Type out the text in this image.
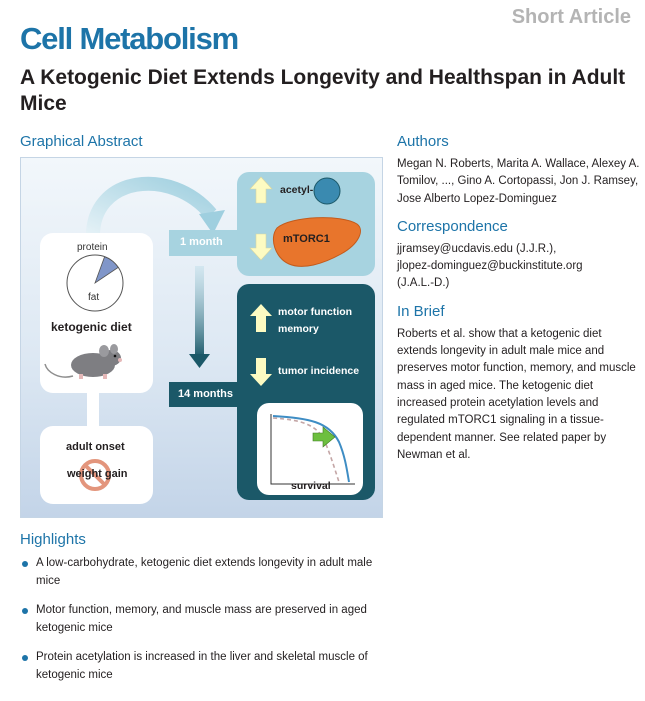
Short Article
Cell Metabolism
A Ketogenic Diet Extends Longevity and Healthspan in Adult Mice
Graphical Abstract
protein
fat
ketogenic diet
adult onset
weight gain
1 month
14 months
acetyl-
mTORC1
motor function
memory
tumor incidence
survival
Authors
Megan N. Roberts, Marita A. Wallace, Alexey A. Tomilov, ..., Gino A. Cortopassi, Jon J. Ramsey, Jose Alberto Lopez-Dominguez
Correspondence
jjramsey@ucdavis.edu (J.J.R.),
jlopez-dominguez@buckinstitute.org
(J.A.L.-D.)
In Brief
Roberts et al. show that a ketogenic diet extends longevity in adult male mice and preserves motor function, memory, and muscle mass in aged mice. The ketogenic diet increased protein acetylation levels and regulated mTORC1 signaling in a tissue-dependent manner. See related paper by Newman et al.
Highlights
A low-carbohydrate, ketogenic diet extends longevity in adult male mice
Motor function, memory, and muscle mass are preserved in aged ketogenic mice
Protein acetylation is increased in the liver and skeletal muscle of ketogenic mice
